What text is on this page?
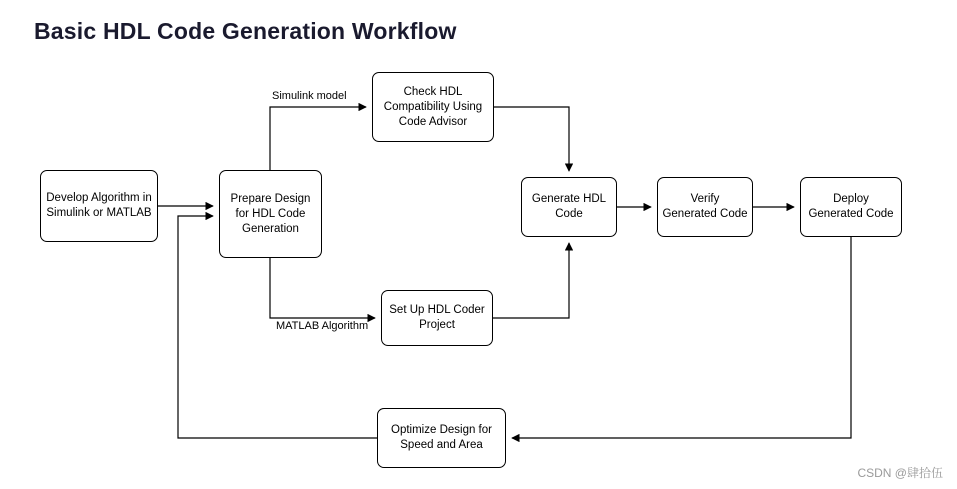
Basic HDL Code Generation Workflow
Develop Algorithm in Simulink or MATLAB
Prepare Design for HDL Code Generation
Check HDL Compatibility Using Code Advisor
Set Up HDL Coder Project
Generate HDL Code
Verify Generated Code
Deploy Generated Code
Optimize Design for Speed and Area
Simulink model
MATLAB Algorithm
CSDN @肆拾伍
